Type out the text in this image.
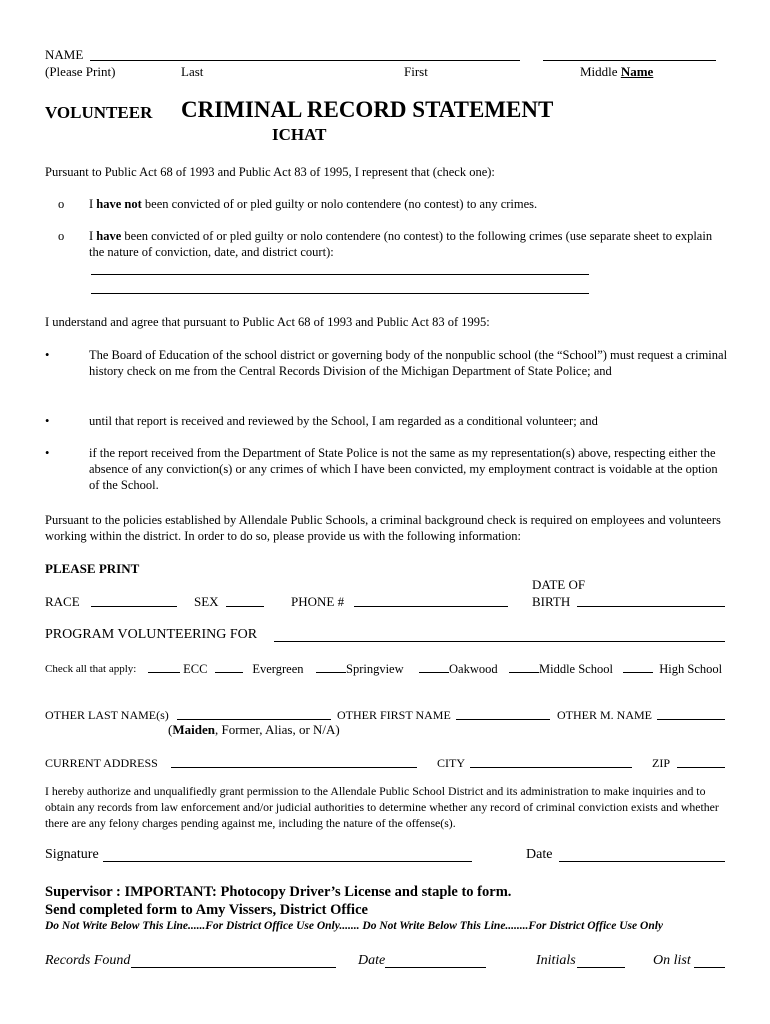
NAME
(Please Print)	Last	First	Middle Name
VOLUNTEER CRIMINAL RECORD STATEMENT
ICHAT
Pursuant to Public Act 68 of 1993 and Public Act 83 of 1995, I represent that (check one):
o I have not been convicted of or pled guilty or nolo contendere (no contest) to any crimes.
o I have been convicted of or pled guilty or nolo contendere (no contest) to the following crimes (use separate sheet to explain the nature of conviction, date, and district court):
I understand and agree that pursuant to Public Act 68 of 1993 and Public Act 83 of 1995:
•	The Board of Education of the school district or governing body of the nonpublic school (the “School”) must request a criminal history check on me from the Central Records Division of the Michigan Department of State Police; and
•	until that report is received and reviewed by the School, I am regarded as a conditional volunteer; and
•	if the report received from the Department of State Police is not the same as my representation(s) above, respecting either the absence of any conviction(s) or any crimes of which I have been convicted, my employment contract is voidable at the option of the School.
Pursuant to the policies established by Allendale Public Schools, a criminal background check is required on employees and volunteers working within the district. In order to do so, please provide us with the following information:
PLEASE PRINT
DATE OF
RACE	SEX	PHONE #	BIRTH
PROGRAM VOLUNTEERING FOR
Check all that apply:	ECC	Evergreen	Springview	Oakwood	Middle School	High School
OTHER LAST NAME(s)	OTHER FIRST NAME	OTHER M. NAME
(Maiden, Former, Alias, or N/A)
CURRENT ADDRESS	CITY	ZIP
I hereby authorize and unqualifiedly grant permission to the Allendale Public School District and its administration to make inquiries and to obtain any records from law enforcement and/or judicial authorities to determine whether any record of criminal conviction exists and whether there are any felony charges pending against me, including the nature of the offense(s).
Signature	Date
Supervisor : IMPORTANT: Photocopy Driver’s License and staple to form.
Send completed form to Amy Vissers, District Office
Do Not Write Below This Line......For District Office Use Only....... Do Not Write Below This Line........For District Office Use Only
Records Found	Date	Initials	On list
